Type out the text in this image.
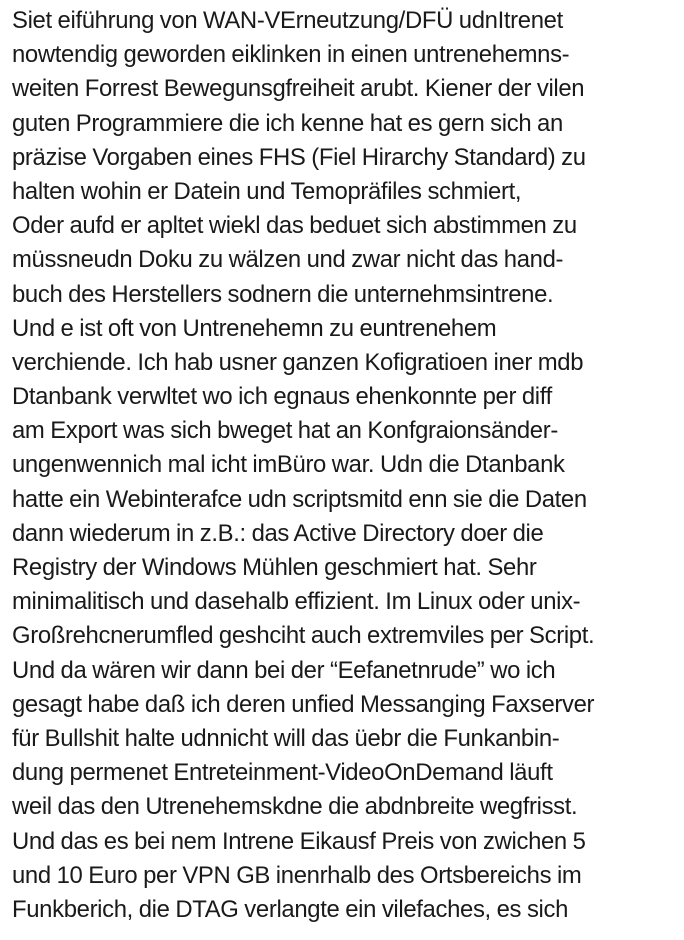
Siet eiführung von WAN-VErneutzung/DFÜ udnItrenet
nowtendig geworden eiklinken in einen untrenehemns-
weiten Forrest Bewegunsgfreiheit arubt. Kiener der vilen
guten Programmiere die ich kenne hat es gern sich an
präzise Vorgaben eines FHS (Fiel Hirarchy Standard) zu
halten wohin er Datein und Temopräfiles schmiert,
Oder aufd er apltet wiekl das beduet sich abstimmen zu
müssneudn Doku zu wälzen und zwar nicht das hand-
buch des Herstellers sodnern die unternehmsintrene.
Und e ist oft von Untrenehemn zu euntrenehem
verchiende. Ich hab usner ganzen Kofigratioen iner mdb
Dtanbank verwltet wo ich egnaus ehenkonnte per diff
am Export was sich bweget hat an Konfgraionsänder-
ungenwennich mal icht imBüro war. Udn die Dtanbank
hatte ein Webinterafce udn scriptsmitd enn sie die Daten
dann wiederum in z.B.: das Active Directory doer die
Registry der Windows Mühlen geschmiert hat. Sehr
minimalitisch und dasehalb effizient. Im Linux oder unix-
Großrehcnerumfled geshciht auch extremviles per Script.
Und da wären wir dann bei der “Eefanetnrude” wo ich
gesagt habe daß ich deren unfied Messanging Faxserver
für Bullshit halte udnnicht will das üebr die Funkanbin-
dung permenet Entreteinment-VideoOnDemand läuft
weil das den Utrenehemskdne die abdnbreite wegfrisst.
Und das es bei nem Intrene Eikausf Preis von zwichen 5
und 10 Euro per VPN GB inenrhalb des Ortsbereichs im
Funkberich, die DTAG verlangte ein vilefaches, es sich
